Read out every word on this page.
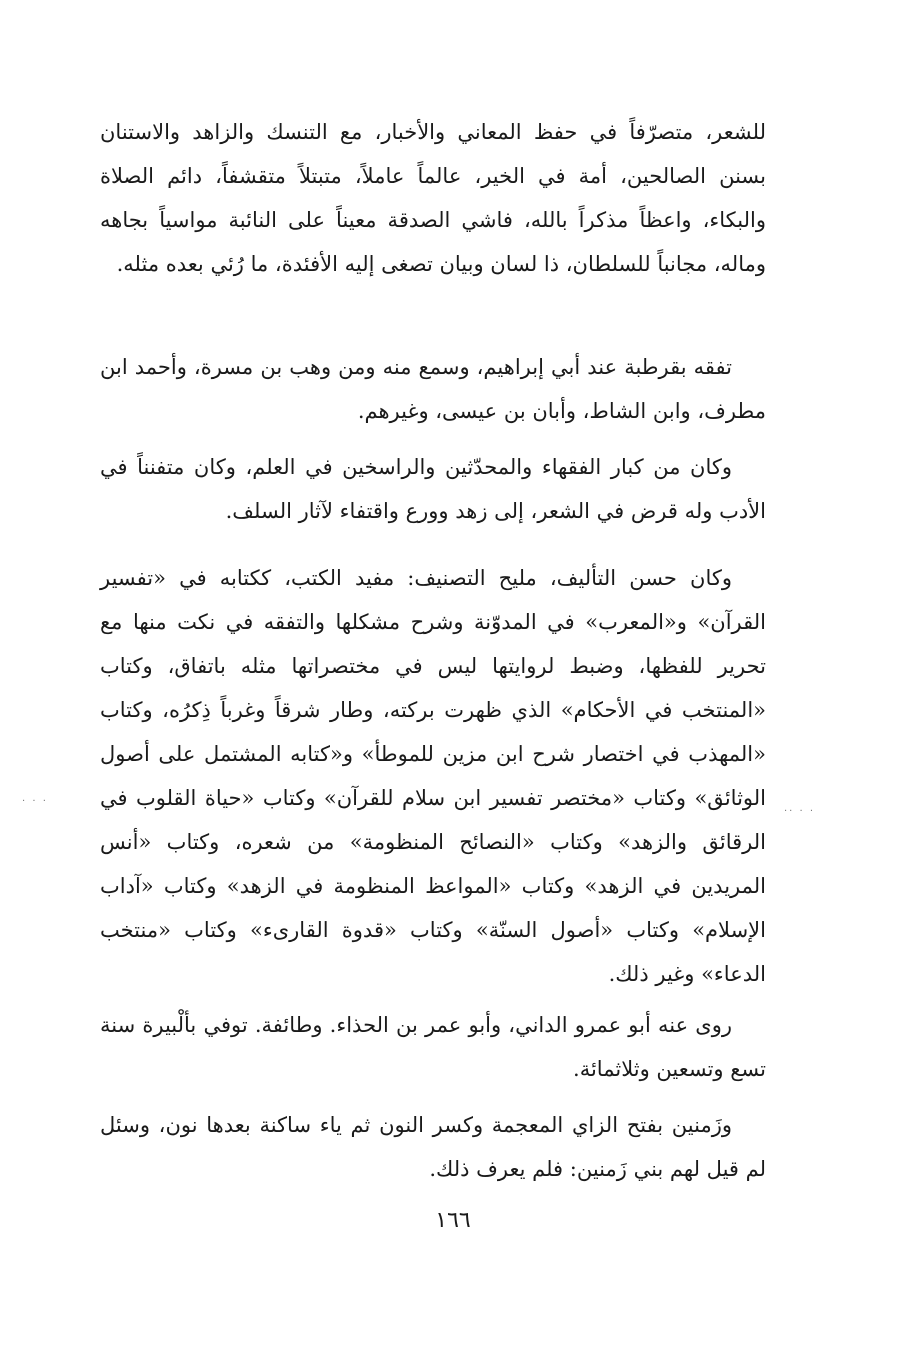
للشعر، متصرّفاً في حفظ المعاني والأخبار، مع التنسك والزاهد والاستنان بسنن الصالحين، أمة في الخير، عالماً عاملاً، متبتلاً متقشفاً، دائم الصلاة والبكاء، واعظاً مذكراً بالله، فاشي الصدقة معيناً على النائبة مواسياً بجاهه وماله، مجانباً للسلطان، ذا لسان وبيان تصغى إليه الأفئدة، ما رُئي بعده مثله.

تفقه بقرطبة عند أبي إبراهيم، وسمع منه ومن وهب بن مسرة، وأحمد ابن مطرف، وابن الشاط، وأبان بن عيسى، وغيرهم.

وكان من كبار الفقهاء والمحدّثين والراسخين في العلم، وكان متفنناً في الأدب وله قرض في الشعر، إلى زهد وورع واقتفاء لآثار السلف.

وكان حسن التأليف، مليح التصنيف: مفيد الكتب، ككتابه في «تفسير القرآن» و«المعرب» في المدوّنة وشرح مشكلها والتفقه في نكت منها مع تحرير للفظها، وضبط لروايتها ليس في مختصراتها مثله باتفاق، وكتاب «المنتخب في الأحكام» الذي ظهرت بركته، وطار شرقاً وغرباً ذِكرُه، وكتاب «المهذب في اختصار شرح ابن مزين للموطأ» و«كتابه المشتمل على أصول الوثائق» وكتاب «مختصر تفسير ابن سلام للقرآن» وكتاب «حياة القلوب في الرقائق والزهد» وكتاب «النصائح المنظومة» من شعره، وكتاب «أنس المريدين في الزهد» وكتاب «المواعظ المنظومة في الزهد» وكتاب «آداب الإسلام» وكتاب «أصول السنّة» وكتاب «قدوة القارىء» وكتاب «منتخب الدعاء» وغير ذلك.

روى عنه أبو عمرو الداني، وأبو عمر بن الحذاء. وطائفة. توفي بألْبيرة سنة تسع وتسعين وثلاثمائة.

وزَمنين بفتح الزاي المعجمة وكسر النون ثم ياء ساكنة بعدها نون، وسئل لم قيل لهم بني زَمنين: فلم يعرف ذلك.

١٦٦
· · ·
·· · ·
